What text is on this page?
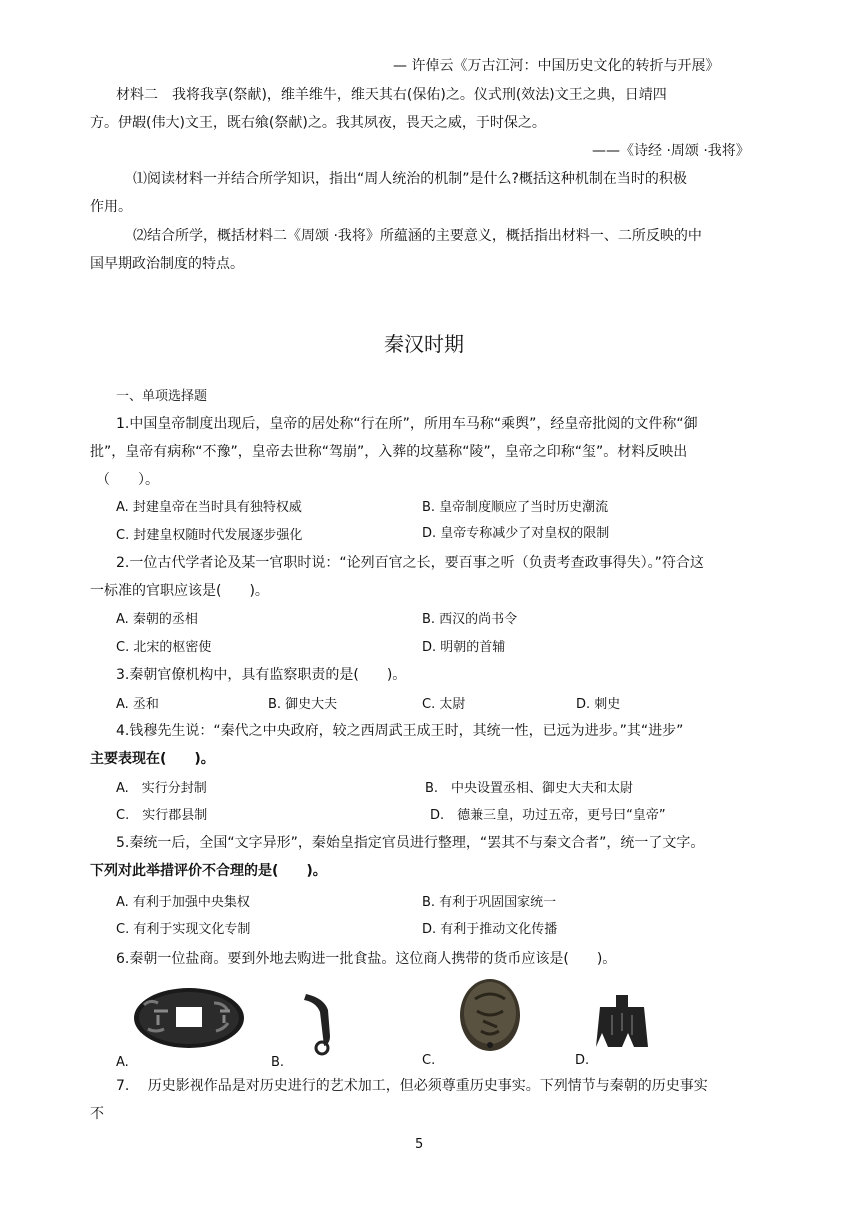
— 许倬云《万古江河：中国历史文化的转折与开展》
材料二　我将我享(祭献)，维羊维牛，维天其右(保佑)之。仪式刑(效法)文王之典，日靖四
方。伊嘏(伟大)文王，既右飨(祭献)之。我其夙夜，畏天之威，于时保之。
——《诗经 ·周颂 ·我将》
⑴阅读材料一并结合所学知识，指出“周人统治的机制”是什么?概括这种机制在当时的积极
作用。
⑵结合所学，概括材料二《周颂 ·我将》所蕴涵的主要意义，概括指出材料一、二所反映的中
国早期政治制度的特点。
秦汉时期
一、单项选择题
1.中国皇帝制度出现后，皇帝的居处称“行在所”，所用车马称“乘舆”，经皇帝批阅的文件称“御
批”，皇帝有病称“不豫”，皇帝去世称“驾崩”，入葬的坟墓称“陵”，皇帝之印称“玺”。材料反映出
（　　）。
A. 封建皇帝在当时具有独特权威	B. 皇帝制度顺应了当时历史潮流
C. 封建皇权随时代发展逐步强化	D. 皇帝专称减少了对皇权的限制
2.一位古代学者论及某一官职时说：“论列百官之长，要百事之听（负责考查政事得失）。”符合这
一标准的官职应该是(　　)。
A. 秦朝的丞相	B. 西汉的尚书令
C. 北宋的枢密使	D. 明朝的首辅
3.秦朝官僚机构中，具有监察职责的是(　　)。
A. 丞和	B. 御史大夫	C. 太尉	D. 刺史
4.钱穆先生说：“秦代之中央政府，较之西周武王成王时，其统一性，已远为进步。”其“进步”
主要表现在(　　)。
A.　实行分封制	B.　中央设置丞相、御史大夫和太尉
C.　实行郡县制	D.　德兼三皇，功过五帝，更号曰“皇帝”
5.秦统一后，全国“文字异形”，秦始皇指定官员进行整理，“罢其不与秦文合者”，统一了文字。
下列对此举措评价不合理的是(　　)。
A. 有利于加强中央集权	B. 有利于巩固国家统一
C. 有利于实现文化专制	D. 有利于推动文化传播
6.秦朝一位盐商。要到外地去购进一批食盐。这位商人携带的货币应该是(　　)。
A.	B.	C.	D.
7.　 历史影视作品是对历史进行的艺术加工，但必须尊重历史事实。下列情节与秦朝的历史事实
不
5
